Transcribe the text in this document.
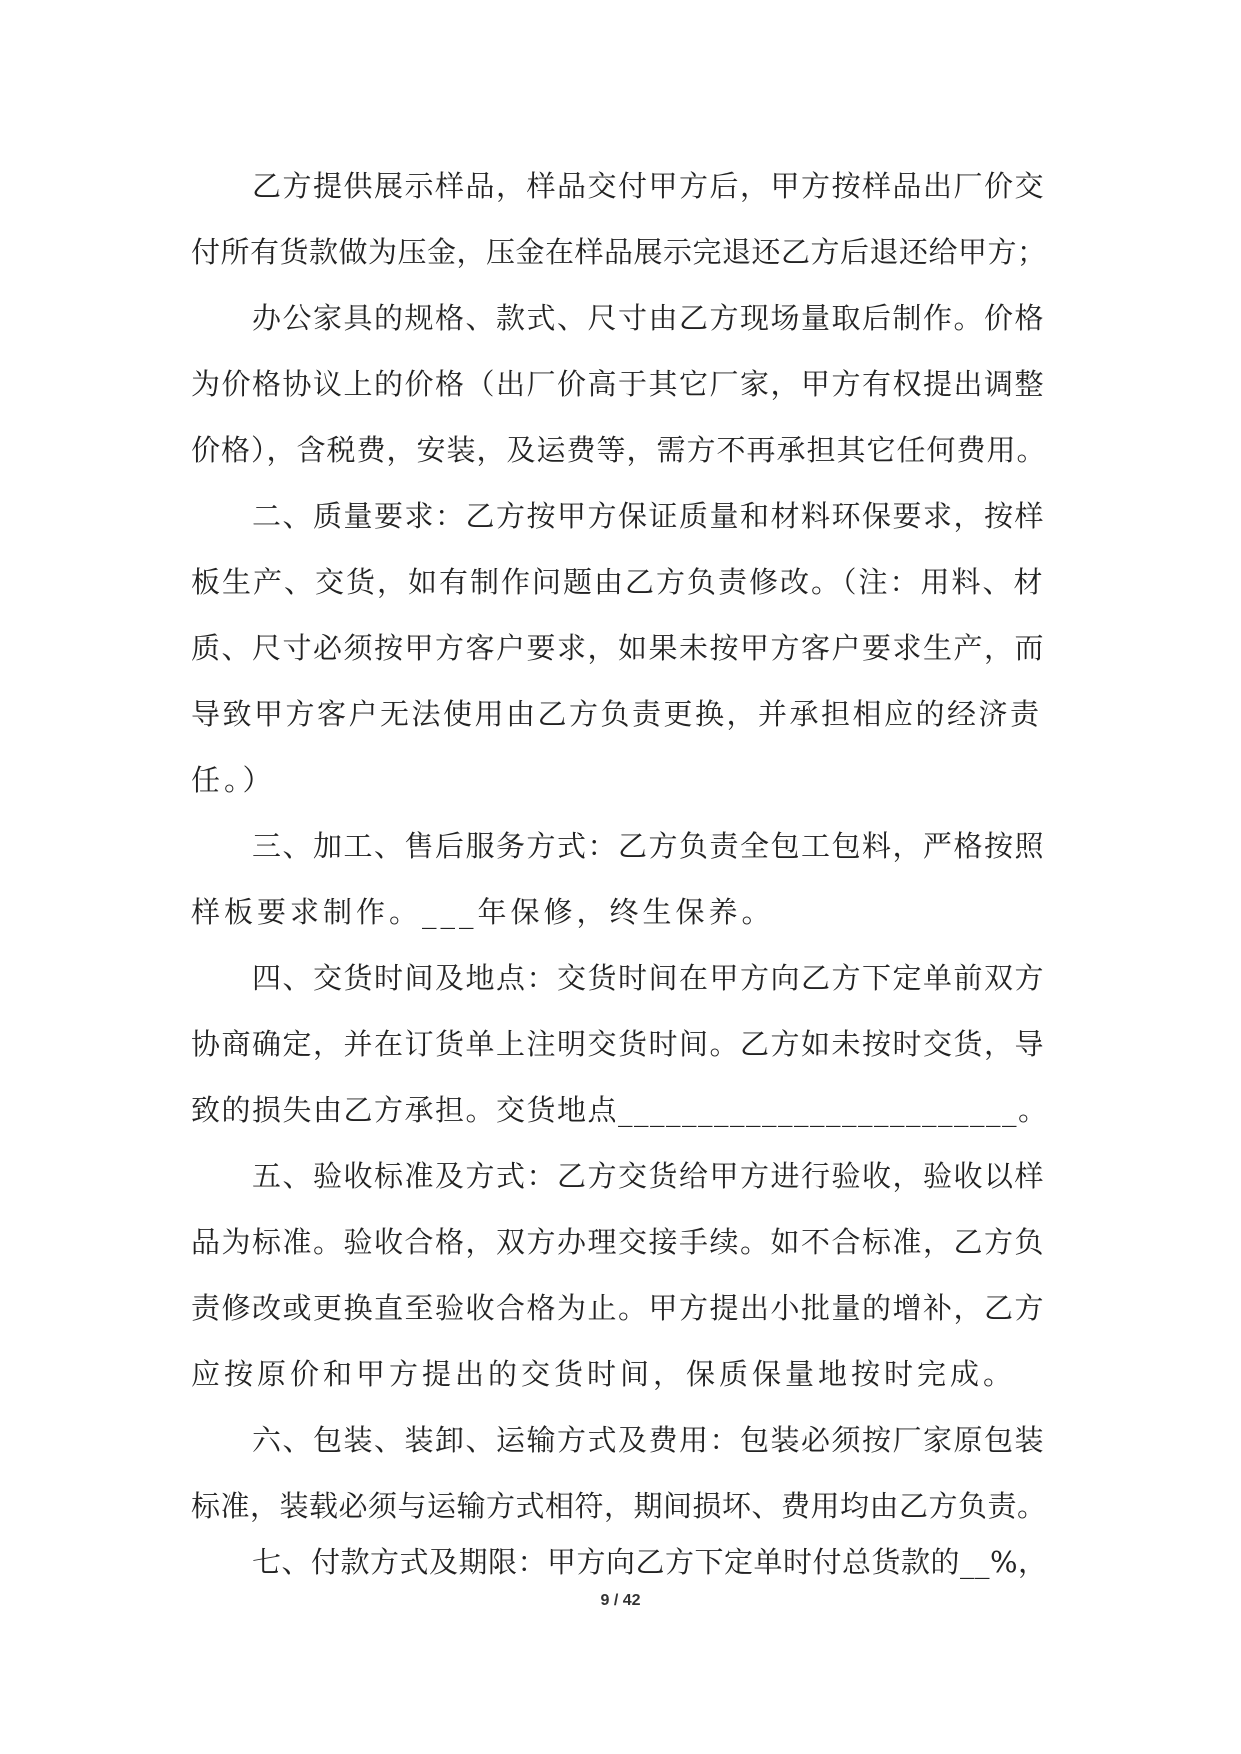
乙方提供展示样品，样品交付甲方后，甲方按样品出厂价交
付所有货款做为压金，压金在样品展示完退还乙方后退还给甲方；
办公家具的规格、款式、尺寸由乙方现场量取后制作。价格
为价格协议上的价格（出厂价高于其它厂家，甲方有权提出调整
价格），含税费，安装，及运费等，需方不再承担其它任何费用。
二、质量要求：乙方按甲方保证质量和材料环保要求，按样
板生产、交货，如有制作问题由乙方负责修改。（注：用料、材
质、尺寸必须按甲方客户要求，如果未按甲方客户要求生产，而
导致甲方客户无法使用由乙方负责更换，并承担相应的经济责
任。）
三、加工、售后服务方式：乙方负责全包工包料，严格按照
样板要求制作。___年保修，终生保养。
四、交货时间及地点：交货时间在甲方向乙方下定单前双方
协商确定，并在订货单上注明交货时间。乙方如未按时交货，导
致的损失由乙方承担。交货地点_________________________。
五、验收标准及方式：乙方交货给甲方进行验收，验收以样
品为标准。验收合格，双方办理交接手续。如不合标准，乙方负
责修改或更换直至验收合格为止。甲方提出小批量的增补，乙方
应按原价和甲方提出的交货时间，保质保量地按时完成。
六、包装、装卸、运输方式及费用：包装必须按厂家原包装
标准，装载必须与运输方式相符，期间损坏、费用均由乙方负责。
七、付款方式及期限：甲方向乙方下定单时付总货款的__%，
9 / 42
